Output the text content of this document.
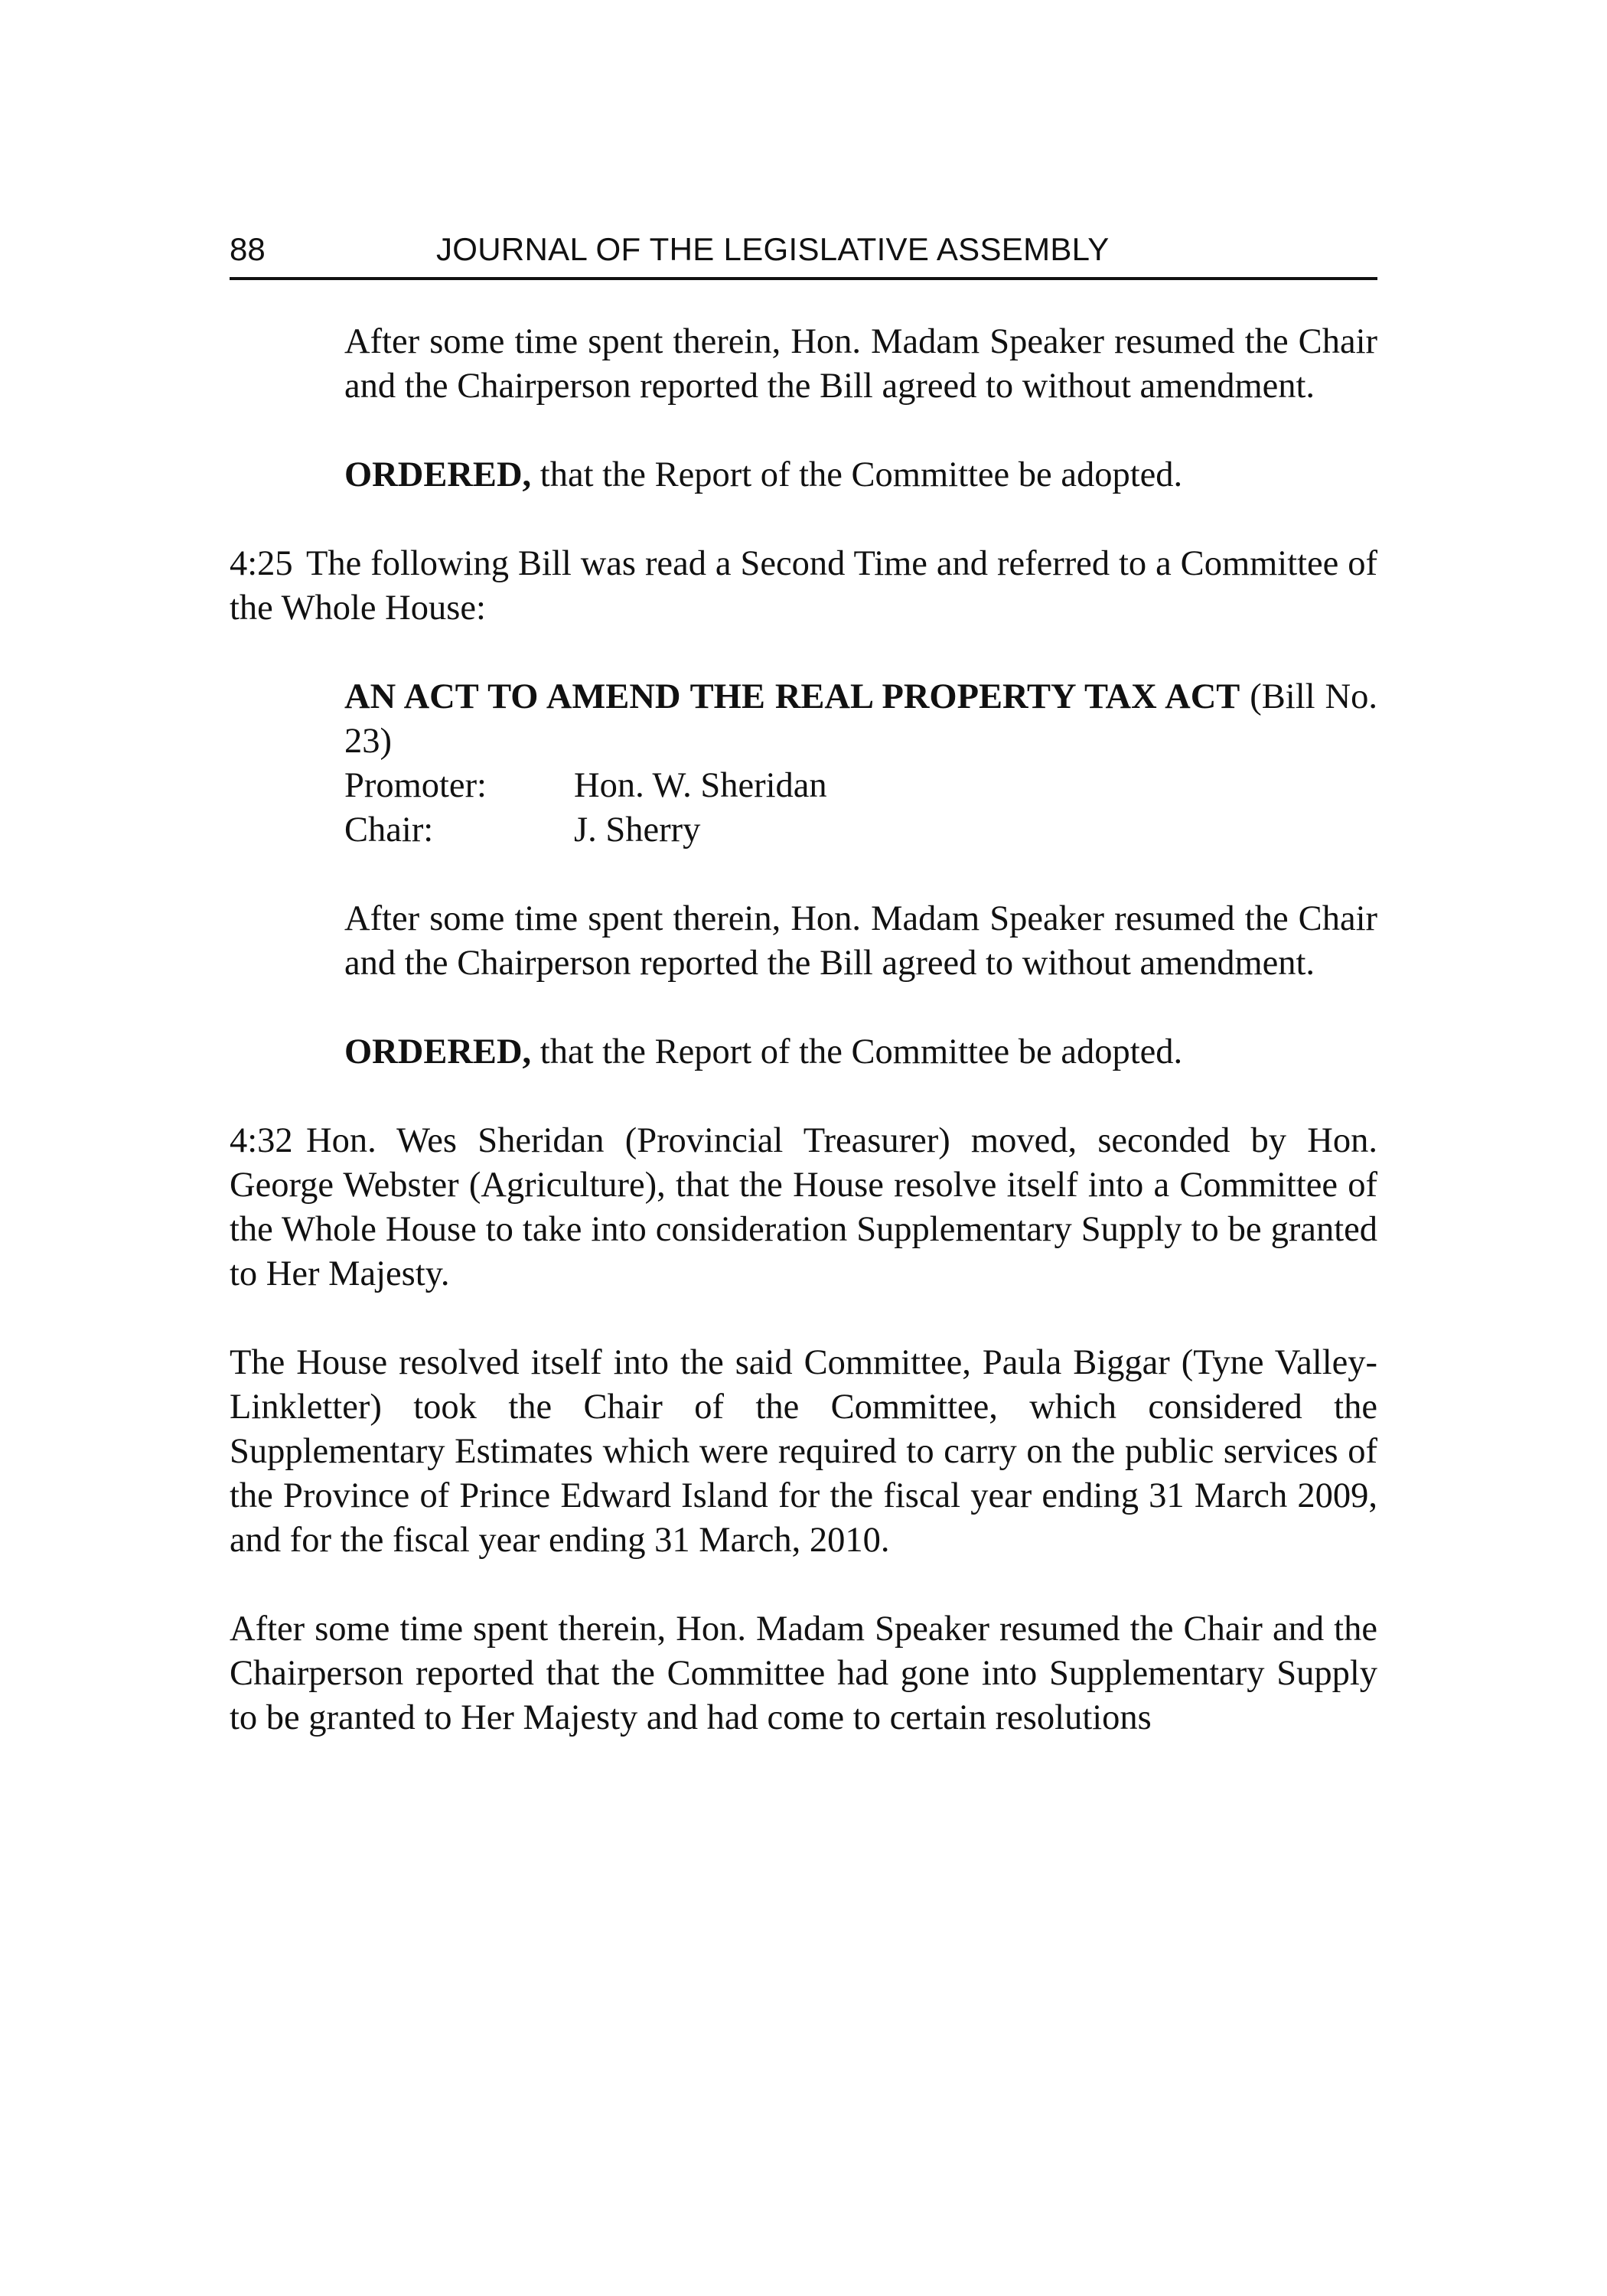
88	JOURNAL OF THE LEGISLATIVE ASSEMBLY

After some time spent therein, Hon. Madam Speaker resumed the Chair and the Chairperson reported the Bill agreed to without amendment.

ORDERED, that the Report of the Committee be adopted.

4:25 The following Bill was read a Second Time and referred to a Committee of the Whole House:

AN ACT TO AMEND THE REAL PROPERTY TAX ACT (Bill No. 23)

Promoter:	Hon. W. Sheridan
Chair:	J. Sherry

After some time spent therein, Hon. Madam Speaker resumed the Chair and the Chairperson reported the Bill agreed to without amendment.

ORDERED, that the Report of the Committee be adopted.

4:32 Hon. Wes Sheridan (Provincial Treasurer) moved, seconded by Hon. George Webster (Agriculture), that the House resolve itself into a Committee of the Whole House to take into consideration Supplementary Supply to be granted to Her Majesty.

The House resolved itself into the said Committee, Paula Biggar (Tyne Valley-Linkletter) took the Chair of the Committee, which considered the Supplementary Estimates which were required to carry on the public services of the Province of Prince Edward Island for the fiscal year ending 31 March 2009, and for the fiscal year ending 31 March, 2010.

After some time spent therein, Hon. Madam Speaker resumed the Chair and the Chairperson reported that the Committee had gone into Supplementary Supply to be granted to Her Majesty and had come to certain resolutions
